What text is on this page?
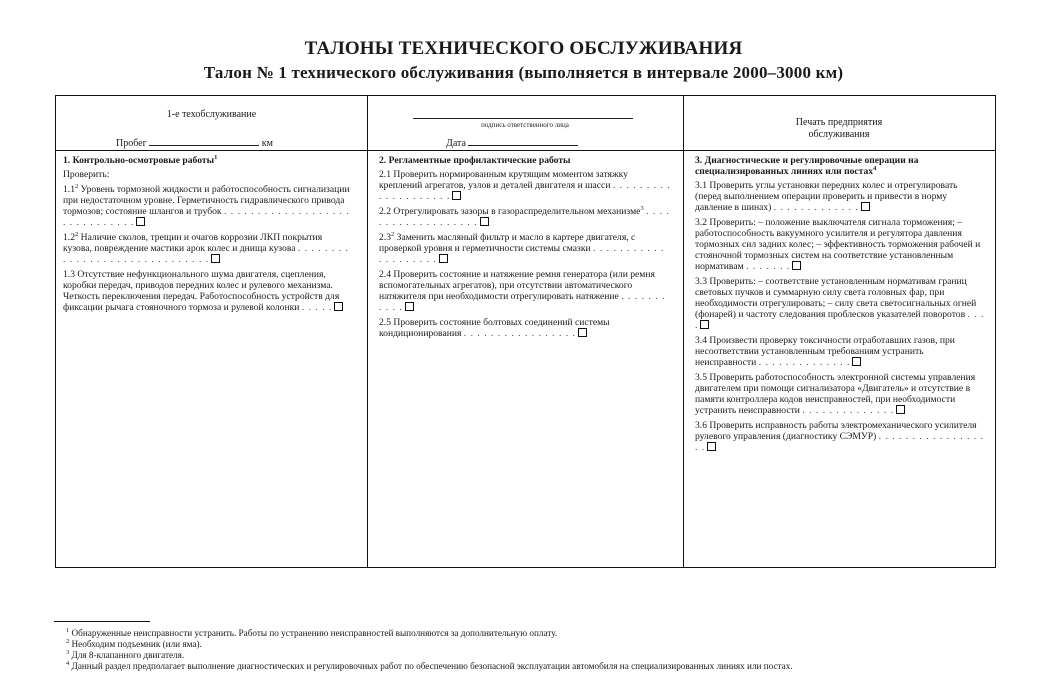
ТАЛОНЫ ТЕХНИЧЕСКОГО ОБСЛУЖИВАНИЯ
Талон № 1 технического обслуживания (выполняется в интервале 2000–3000 км)
1-е техобслуживание
Пробег	км
подпись ответственного лица
Дата
Печать предприятия
обслуживания

1. Контрольно-осмотровые работы$^1$

Проверить:

$1.1^2$ Уровень тормозной жидкости и работоспособность сигнализации при недостаточном уровне. Герметичность гидравлического привода тормозов; состояние шлангов и трубок . . . . . . . . . . . . . . . . . . . . . . . . . . . . . .

$1.2^2$ Наличие сколов, трещин и очагов коррозии ЛКП покрытия кузова, повреждение мастики арок колес и днища кузова . . . . . . . . . . . . . . . . . . . . . . . . . . . . . .

1.3 Отсутствие нефункционального шума двигателя, сцепления, коробки передач, приводов передних колес и рулевого механизма. Четкость переключения передач. Работоспособность устройств для фиксации рычага стояночного тормоза и рулевой колонки . . . . .

2. Регламентные профилактические работы

2.1 Проверить нормированным крутящим моментом затяжку креплений агрегатов, узлов и деталей двигателя и шасси . . . . . . . . . . . . . . . . . . . .

2.2 Отрегулировать зазоры в газораспределительном механизме$^3$ . . . . . . . . . . . . . . . . . . .

$2.3^2$ Заменить масляный фильтр и масло в картере двигателя, с проверкой уровня и герметичности системы смазки . . . . . . . . . . . . . . . . . . . .

2.4 Проверить состояние и натяжение ремня генератора (или ремня вспомогательных агрегатов), при отсутствии автоматического натяжителя при необходимости отрегулировать натяжение . . . . . . . . . . .

2.5 Проверить состояние болтовых соединений системы кондиционирования . . . . . . . . . . . . . . . . .

3. Диагностические и регулировочные операции на специализированных линиях или постах$^4$

3.1 Проверить углы установки передних колес и отрегулировать (перед выполнением операции проверить и привести в норму давление в шинах) . . . . . . . . . . . . .

3.2 Проверить: – положение выключателя сигнала торможения; – работоспособность вакуумного усилителя и регулятора давления тормозных сил задних колес; – эффективность торможения рабочей и стояночной тормозных систем на соответствие установленным нормативам . . . . . . .

3.3 Проверить: – соответствие установленным нормативам границ световых пучков и суммарную силу света головных фар, при необходимости отрегулировать; – силу света светосигнальных огней (фонарей) и частоту следования проблесков указателей поворотов . . . .

3.4 Произвести проверку токсичности отработавших газов, при несоответствии установленным требованиям устранить неисправности . . . . . . . . . . . . . .

3.5 Проверить работоспособность электронной системы управления двигателем при помощи сигнализатора «Двигатель» и отсутствие в памяти контроллера кодов неисправностей, при необходимости устранить неисправности . . . . . . . . . . . . . .

3.6 Проверить исправность работы электромеханического усилителя рулевого управления (диагностику СЭМУР) . . . . . . . . . . . . . . . . . .

$^1$ Обнаруженные неисправности устранить. Работы по устранению неисправностей выполняются за дополнительную оплату.
$^2$ Необходим подъемник (или яма).
$^3$ Для 8-клапанного двигателя.
$^4$ Данный раздел предполагает выполнение диагностических и регулировочных работ по обеспечению безопасной эксплуатации автомобиля на специализированных линиях или постах.
